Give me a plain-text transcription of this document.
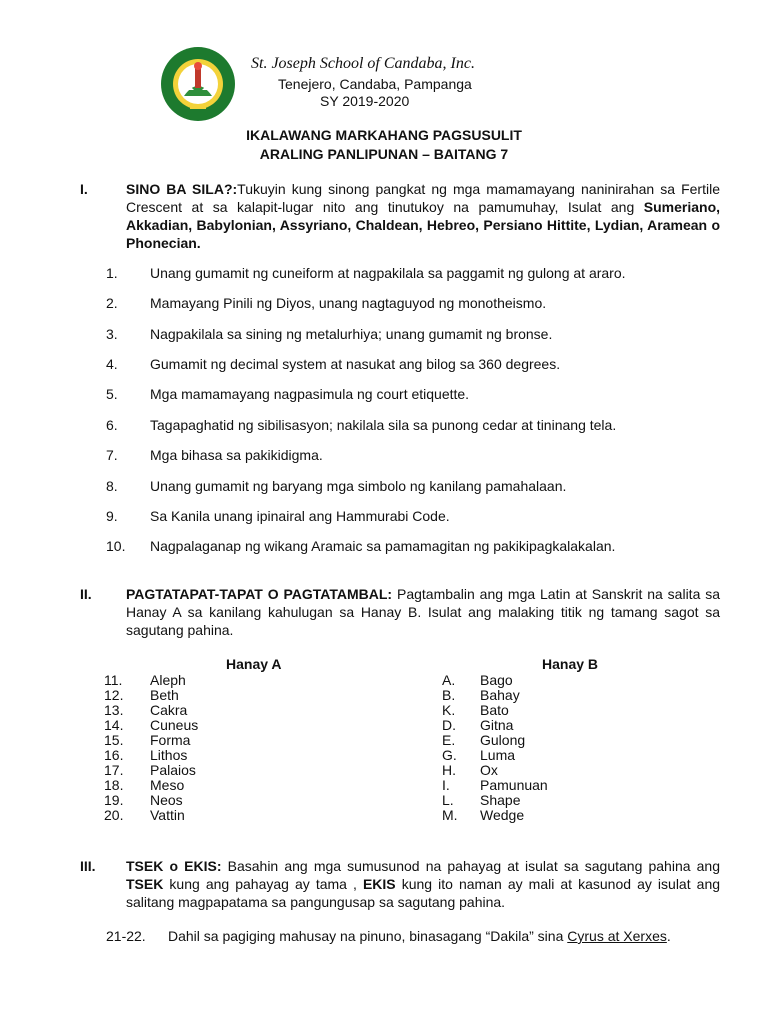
St. Joseph School of Candaba, Inc.
Tenejero, Candaba, Pampanga
SY 2019-2020
IKALAWANG MARKAHANG PAGSUSULIT
ARALING PANLIPUNAN – BAITANG 7
I.	SINO BA SILA?:Tukuyin kung sinong pangkat ng mga mamamayang naninirahan sa Fertile Crescent at sa kalapit-lugar nito ang tinutukoy na pamumuhay, Isulat ang Sumeriano, Akkadian, Babylonian, Assyriano, Chaldean, Hebreo, Persiano Hittite, Lydian, Aramean o Phonecian.
1. Unang gumamit ng cuneiform at nagpakilala sa paggamit ng gulong at araro.
2. Mamayang Pinili ng Diyos, unang nagtaguyod ng monotheismo.
3. Nagpakilala sa sining ng metalurhiya; unang gumamit ng bronse.
4. Gumamit ng decimal system at nasukat ang bilog sa 360 degrees.
5. Mga mamamayang nagpasimula ng court etiquette.
6. Tagapaghatid ng sibilisasyon; nakilala sila sa punong cedar at tininang tela.
7. Mga bihasa sa pakikidigma.
8. Unang gumamit ng baryang mga simbolo ng kanilang pamahalaan.
9. Sa Kanila unang ipinairal ang Hammurabi Code.
10. Nagpalaganap ng wikang Aramaic sa pamamagitan ng pakikipagkalakalan.
II. PAGTATAPAT-TAPAT O PAGTATAMBAL: Pagtambalin ang mga Latin at Sanskrit na salita sa Hanay A sa kanilang kahulugan sa Hanay B. Isulat ang malaking titik ng tamang sagot sa sagutang pahina.
Hanay A	Hanay B
11. Aleph
12. Beth
13. Cakra
14. Cuneus
15. Forma
16. Lithos
17. Palaios
18. Meso
19. Neos
20. Vattin
A. Bago
B. Bahay
K. Bato
D. Gitna
E. Gulong
G. Luma
H. Ox
I. Pamunuan
L. Shape
M. Wedge
III. TSEK o EKIS: Basahin ang mga sumusunod na pahayag at isulat sa sagutang pahina ang TSEK kung ang pahayag ay tama , EKIS kung ito naman ay mali at kasunod ay isulat ang salitang magpapatama sa pangungusap sa sagutang pahina.
21-22. Dahil sa pagiging mahusay na pinuno, binasagang “Dakila” sina Cyrus at Xerxes.
